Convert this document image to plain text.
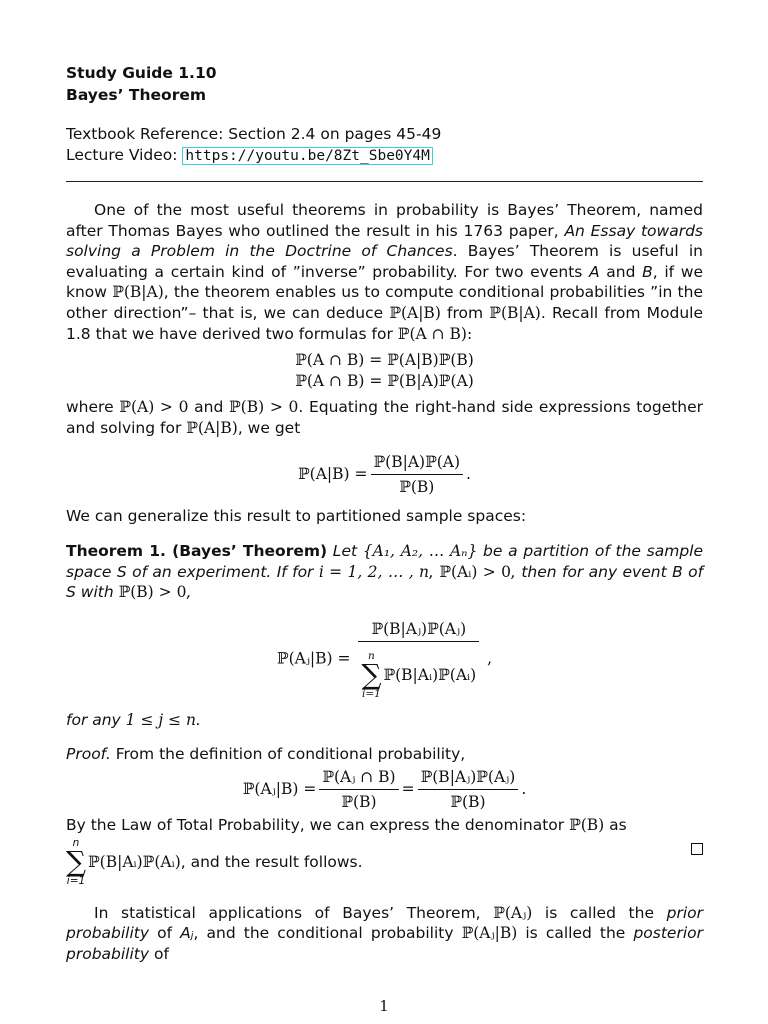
Study Guide 1.10
Bayes’ Theorem
Textbook Reference: Section 2.4 on pages 45-49
Lecture Video: https://youtu.be/8Zt_Sbe0Y4M

One of the most useful theorems in probability is Bayes’ Theorem, named after Thomas Bayes who outlined the result in his 1763 paper, An Essay towards solving a Problem in the Doctrine of Chances. Bayes’ Theorem is useful in evaluating a certain kind of ”inverse” probability. For two events A and B, if we know ℙ(B|A), the theorem enables us to compute conditional probabilities ”in the other direction”– that is, we can deduce ℙ(A|B) from ℙ(B|A). Recall from Module 1.8 that we have derived two formulas for ℙ(A ∩ B):

ℙ(A ∩ B) = ℙ(A|B)ℙ(B)
ℙ(A ∩ B) = ℙ(B|A)ℙ(A)

where ℙ(A) > 0 and ℙ(B) > 0. Equating the right-hand side expressions together and solving for ℙ(A|B), we get

ℙ(A|B) = $\frac{\text{ℙ(B|A)ℙ(A)}}{\text{ℙ(B)}}$ .

We can generalize this result to partitioned sample spaces:

Theorem 1. (Bayes’ Theorem) Let {A₁, A₂, … Aₙ} be a partition of the sample space S of an experiment. If for i = 1, 2, … , n, ℙ(Aᵢ) > 0, then for any event B of S with ℙ(B) > 0,

ℙ(Aⱼ|B) = ℙ(B|Aⱼ)ℙ(Aⱼ)
n
∑
i=1
ℙ(B|Aᵢ)ℙ(Aᵢ) ,

for any 1 ≤ j ≤ n.

Proof. From the definition of conditional probability,

ℙ(Aⱼ|B) = $\frac{\text{ℙ(Aⱼ ∩ B)}}{\text{ℙ(B)}} = \frac{\text{ℙ(B|Aⱼ)ℙ(Aⱼ)}}{\text{ℙ(B)}}$ .

By the Law of Total Probability, we can express the denominator ℙ(B) as

n
∑
i=1
ℙ(B|Aᵢ)ℙ(Aᵢ) , and the result follows.

In statistical applications of Bayes’ Theorem, ℙ(Aⱼ) is called the prior probability of Aⱼ, and the conditional probability ℙ(Aⱼ|B) is called the posterior probability of

1
